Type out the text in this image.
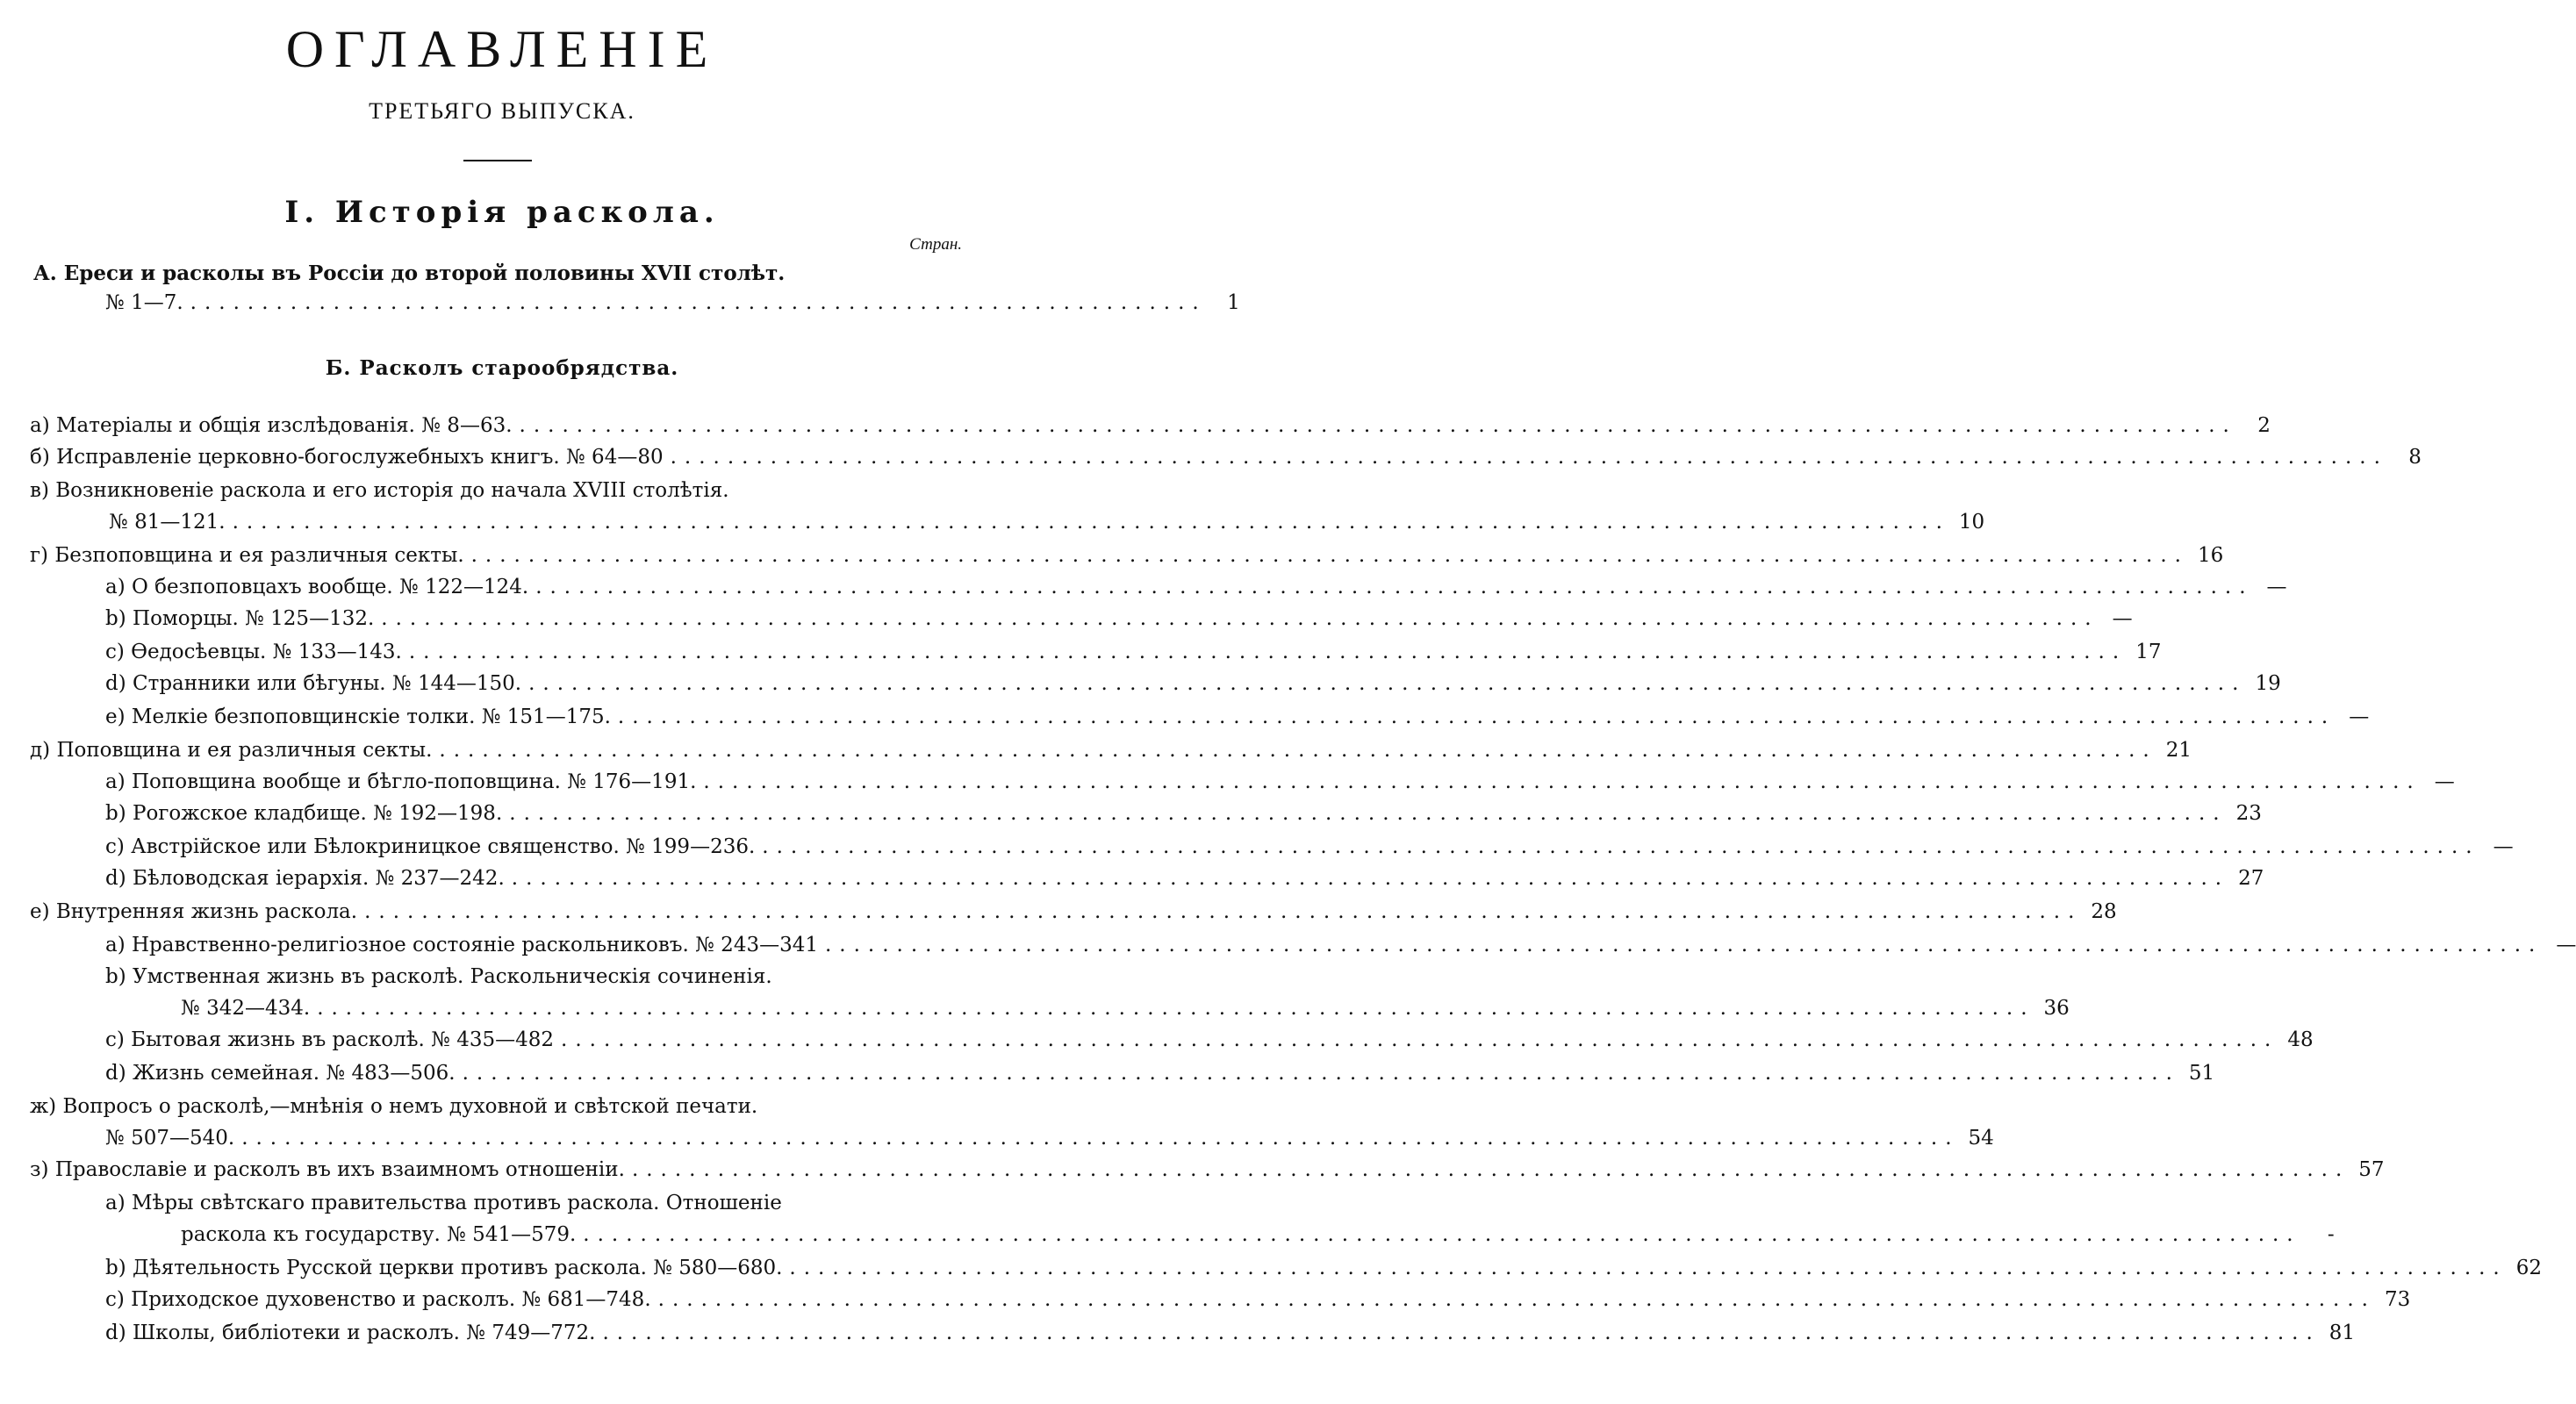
ОГЛАВЛЕНІЕ
ТРЕТЬЯГО ВЫПУСКА.
I. Исторія раскола.
Стран.
А. Ереси и расколы въ Россіи до второй половины XVII столѣт.
№ 1—7. .......................................................................	1
Б. Расколъ старообрядства.
а) Матеріалы и общія изслѣдованія. № 8—63. ........................................................................................................................	2
б) Исправленіе церковно-богослужебныхъ книгъ. № 64—80 ........................................................................................................................	8
в) Возникновеніе раскола и его исторія до начала XVIII столѣтія.
№ 81—121. ........................................................................................................................ 10
г) Безпоповщина и ея различныя секты. ........................................................................................................................ 16
a) О безпоповцахъ вообще. № 122—124. ........................................................................................................................ —
b) Поморцы. № 125—132. ........................................................................................................................ —
c) Ѳедосѣевцы. № 133—143. ........................................................................................................................ 17
d) Странники или бѣгуны. № 144—150. ........................................................................................................................ 19
e) Мелкіе безпоповщинскіе толки. № 151—175. ........................................................................................................................ —
д) Поповщина и ея различныя секты. ........................................................................................................................ 21
a) Поповщина вообще и бѣгло-поповщина. № 176—191. ........................................................................................................................ —
b) Рогожское кладбище. № 192—198. ........................................................................................................................ 23
c) Австрійское или Бѣлокриницкое священство. № 199—236. ........................................................................................................................ —
d) Бѣловодская іерархія. № 237—242. ........................................................................................................................ 27
е) Внутренняя жизнь раскола. ........................................................................................................................ 28
a) Нравственно-религіозное состояніе раскольниковъ. № 243—341 ........................................................................................................................ —
b) Умственная жизнь въ расколѣ. Раскольническія сочиненія.
№ 342—434. ........................................................................................................................ 36
c) Бытовая жизнь въ расколѣ. № 435—482 ........................................................................................................................ 48
d) Жизнь семейная. № 483—506. ........................................................................................................................ 51
ж) Вопросъ о расколѣ,—мнѣнія о немъ духовной и свѣтской печати.
№ 507—540. ........................................................................................................................ 54
з) Православіе и расколъ въ ихъ взаимномъ отношеніи. ........................................................................................................................ 57
a) Мѣры свѣтскаго правительства противъ раскола. Отношеніе
раскола къ государству. № 541—579. ........................................................................................................................	-
b) Дѣятельность Русской церкви противъ раскола. № 580—680. ........................................................................................................................ 62
c) Приходское духовенство и расколъ. № 681—748. ........................................................................................................................ 73
d) Школы, библіотеки и расколъ. № 749—772. ........................................................................................................................ 81
